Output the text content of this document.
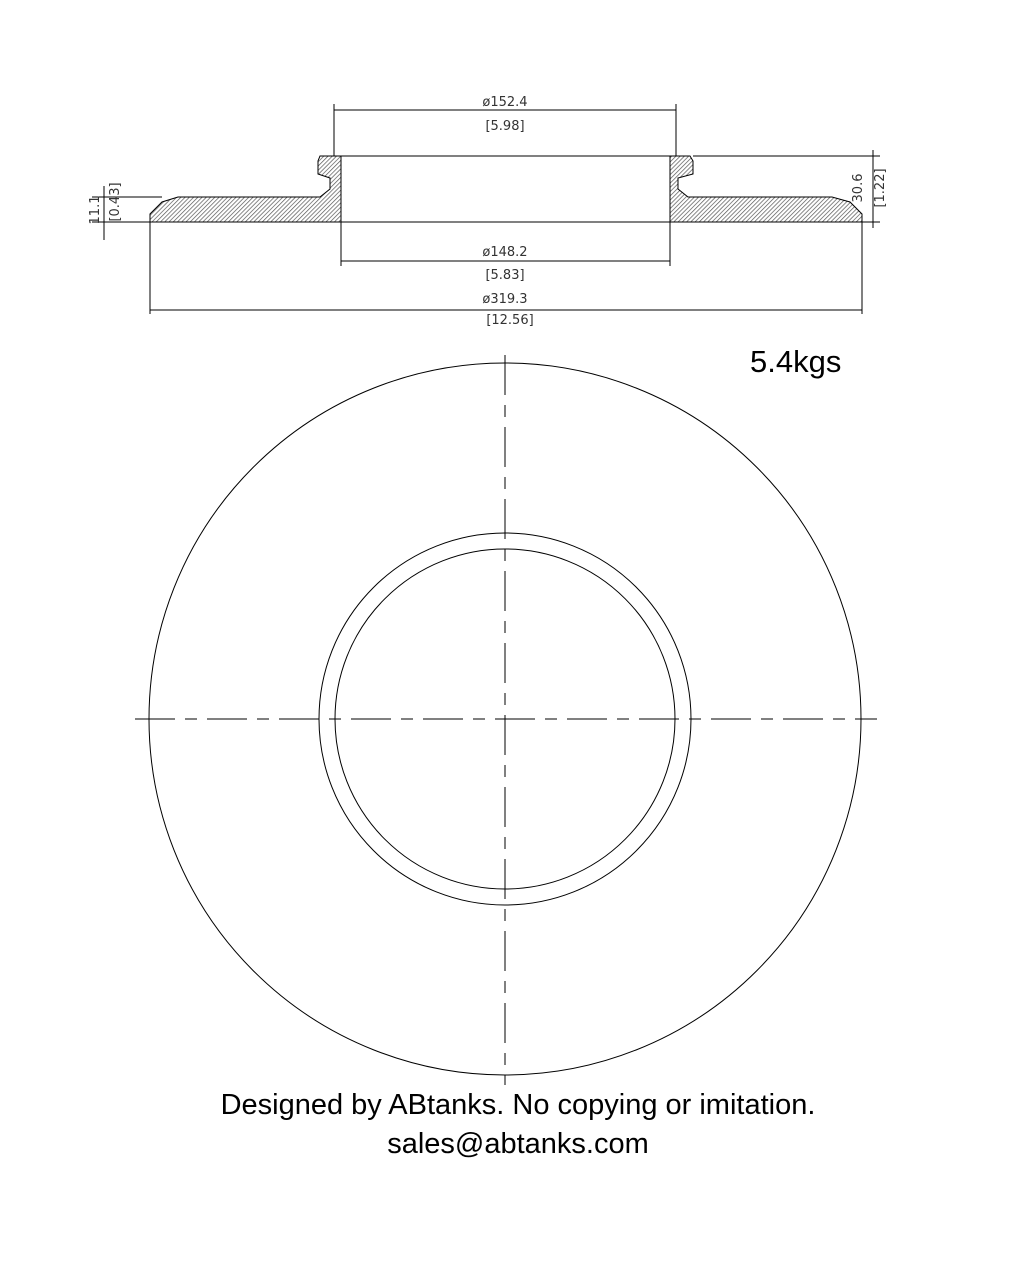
ø152.4
[5.98]
ø148.2
[5.83]
ø319.3
[12.56]
11.1 [0.43]	30.6 [1.22]
5.4kgs
Designed by ABtanks. No copying or imitation.
sales@abtanks.com
